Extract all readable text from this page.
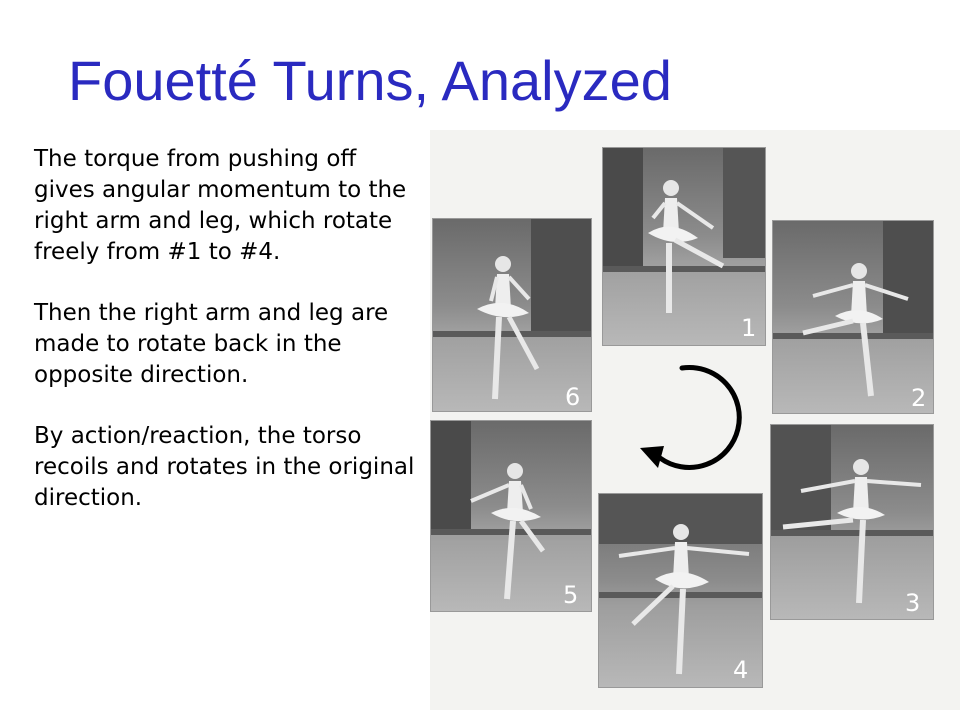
Fouetté Turns, Analyzed

The torque from pushing off gives angular momentum to the right arm and leg, which rotate freely from #1 to #4.

Then the right arm and leg are made to rotate back in the opposite direction.

By action/reaction, the torso recoils and rotates in the original direction.

1
2
3
4
5
6
